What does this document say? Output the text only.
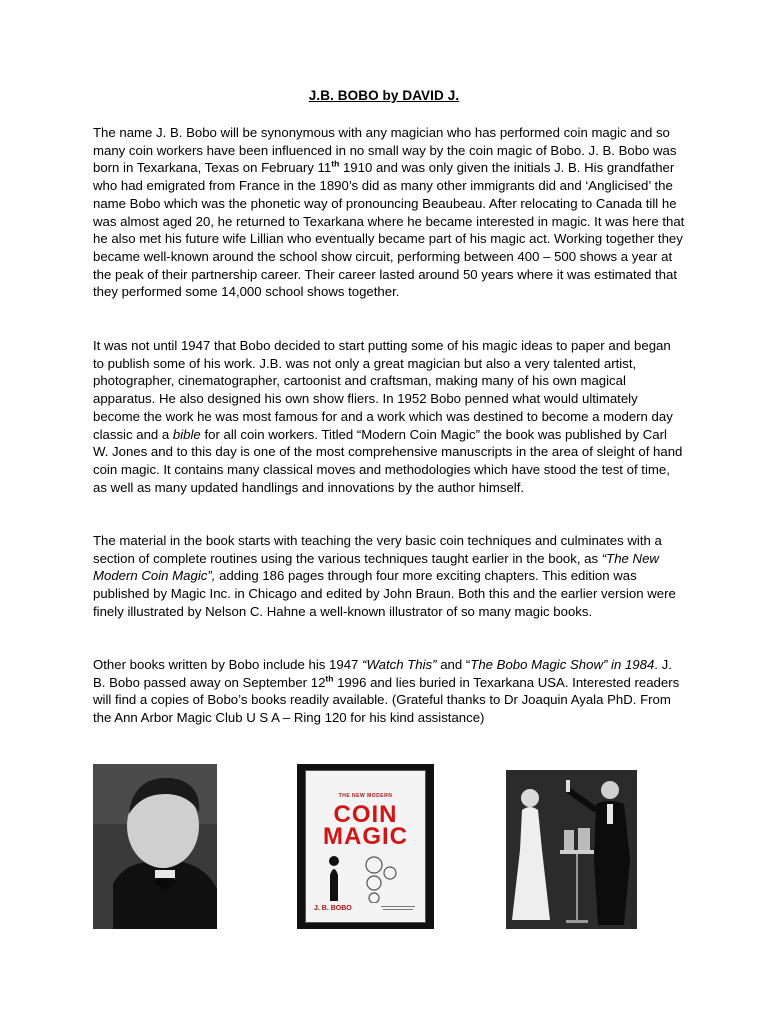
J.B. BOBO by DAVID J.

The name J. B. Bobo will be synonymous with any magician who has performed coin magic and so many coin workers have been influenced in no small way by the coin magic of Bobo. J. B. Bobo was born in Texarkana, Texas on February 11th 1910 and was only given the initials J. B. His grandfather who had emigrated from France in the 1890’s did as many other immigrants did and ‘Anglicised’ the name Bobo which was the phonetic way of pronouncing Beaubeau. After relocating to Canada till he was almost aged 20, he returned to Texarkana where he became interested in magic. It was here that he also met his future wife Lillian who eventually became part of his magic act. Working together they became well-known around the school show circuit, performing between 400 – 500 shows a year at the peak of their partnership career. Their career lasted around 50 years where it was estimated that they performed some 14,000 school shows together.

It was not until 1947 that Bobo decided to start putting some of his magic ideas to paper and began to publish some of his work. J.B. was not only a great magician but also a very talented artist, photographer, cinematographer, cartoonist and craftsman, making many of his own magical apparatus. He also designed his own show fliers. In 1952 Bobo penned what would ultimately become the work he was most famous for and a work which was destined to become a modern day classic and a bible for all coin workers. Titled “Modern Coin Magic” the book was published by Carl W. Jones and to this day is one of the most comprehensive manuscripts in the area of sleight of hand coin magic. It contains many classical moves and methodologies which have stood the test of time, as well as many updated handlings and innovations by the author himself.

The material in the book starts with teaching the very basic coin techniques and culminates with a section of complete routines using the various techniques taught earlier in the book, as “The New Modern Coin Magic”, adding 186 pages through four more exciting chapters. This edition was published by Magic Inc. in Chicago and edited by John Braun. Both this and the earlier version were finely illustrated by Nelson C. Hahne a well-known illustrator of so many magic books.

Other books written by Bobo include his 1947 “Watch This” and “The Bobo Magic Show” in 1984. J. B. Bobo passed away on September 12th 1996 and lies buried in Texarkana USA. Interested readers will find a copies of Bobo’s books readily available. (Grateful thanks to Dr Joaquin Ayala PhD. From the Ann Arbor Magic Club U S A – Ring 120 for his kind assistance)

THE NEW MODERN
COIN
MAGIC
J. B. BOBO
